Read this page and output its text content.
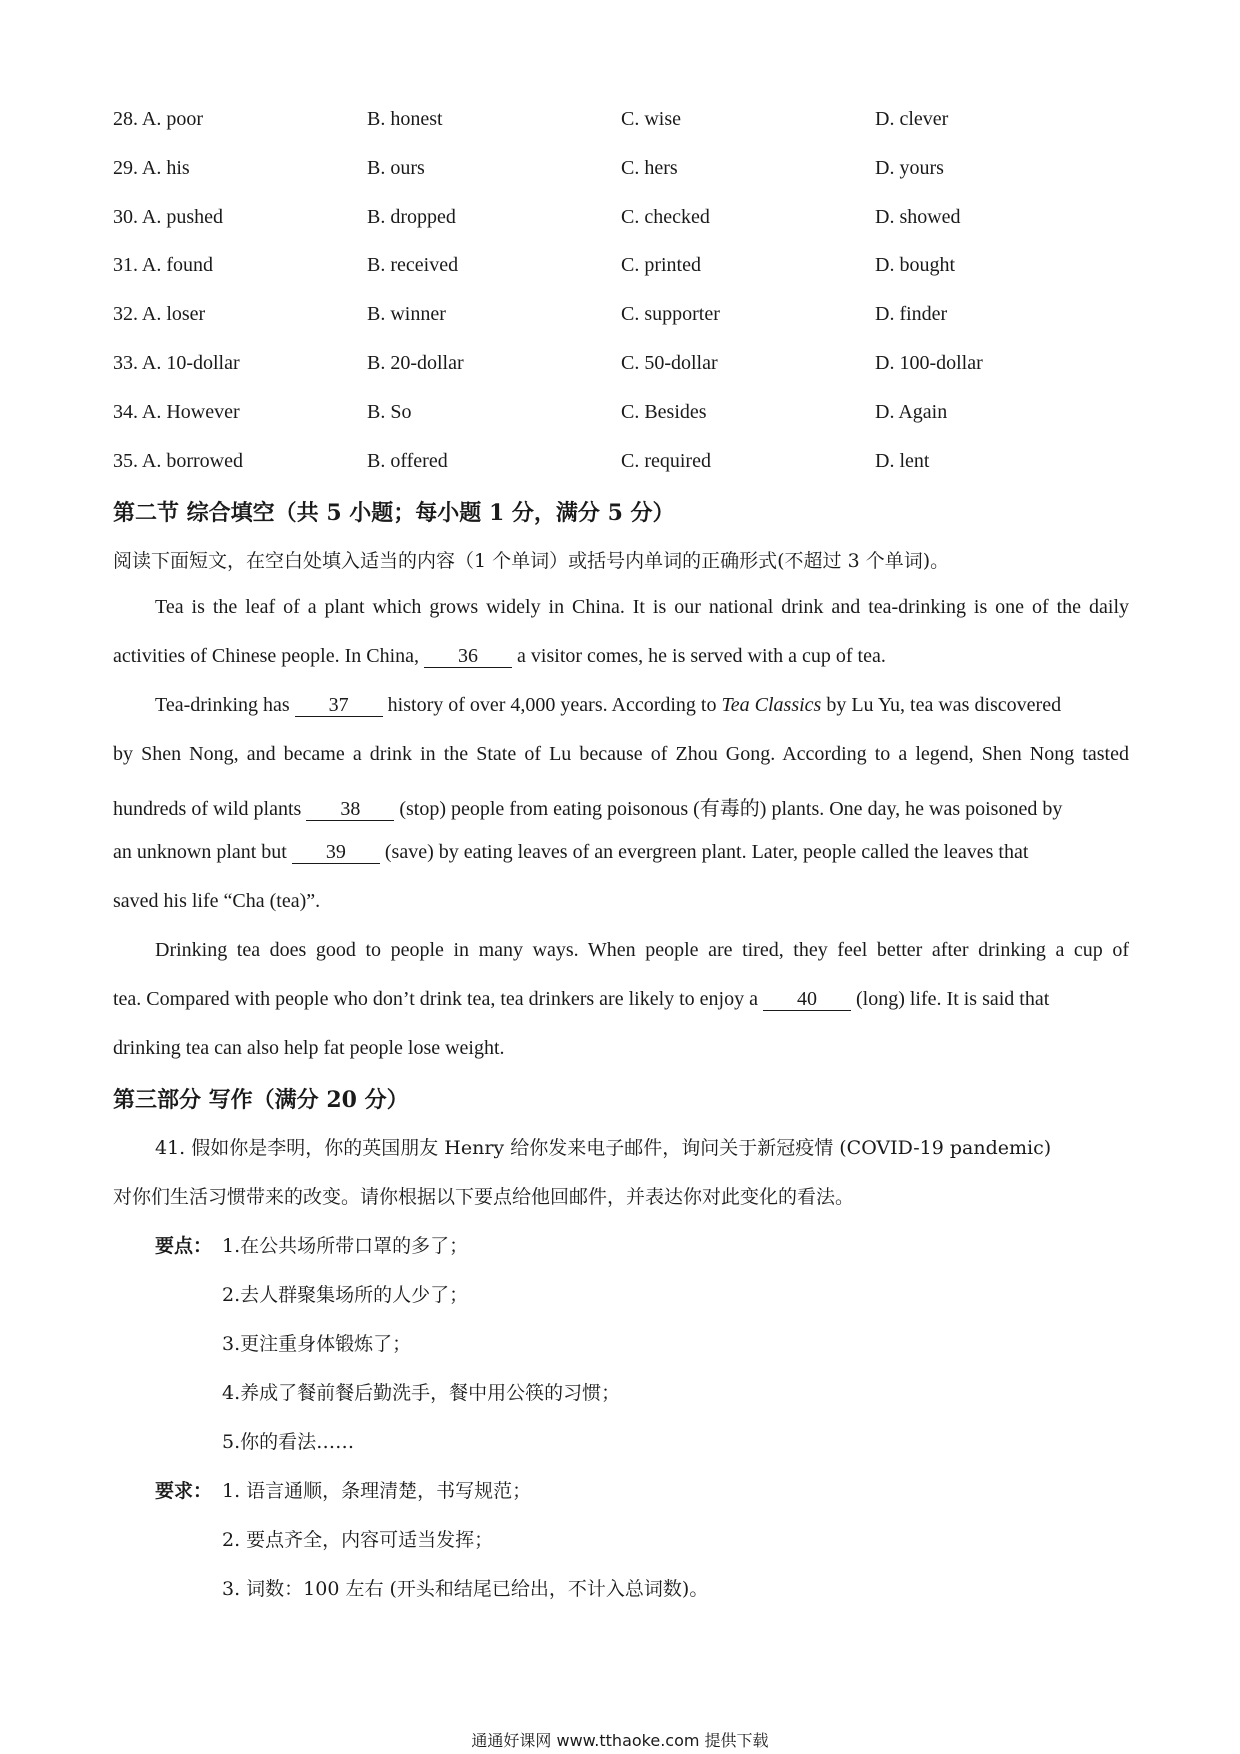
28. A. poor	B. honest	C. wise	D. clever
29. A. his	B. ours	C. hers	D. yours
30. A. pushed	B. dropped	C. checked	D. showed
31. A. found	B. received	C. printed	D. bought
32. A. loser	B. winner	C. supporter	D. finder
33. A. 10-dollar	B. 20-dollar	C. 50-dollar	D. 100-dollar
34. A. However	B. So	C. Besides	D. Again
35. A. borrowed	B. offered	C. required	D. lent
第二节 综合填空（共 5 小题；每小题 1 分，满分 5 分）
阅读下面短文，在空白处填入适当的内容（1 个单词）或括号内单词的正确形式(不超过 3 个单词)。
Tea is the leaf of a plant which grows widely in China. It is our national drink and tea-drinking is one of the daily
activities of Chinese people. In China, 36 a visitor comes, he is served with a cup of tea.
Tea-drinking has 37 history of over 4,000 years. According to Tea Classics by Lu Yu, tea was discovered
by Shen Nong, and became a drink in the State of Lu because of Zhou Gong. According to a legend, Shen Nong tasted
hundreds of wild plants 38 (stop) people from eating poisonous (有毒的) plants. One day, he was poisoned by
an unknown plant but 39 (save) by eating leaves of an evergreen plant. Later, people called the leaves that
saved his life “Cha (tea)”.
Drinking tea does good to people in many ways. When people are tired, they feel better after drinking a cup of
tea. Compared with people who don’t drink tea, tea drinkers are likely to enjoy a 40 (long) life. It is said that
drinking tea can also help fat people lose weight.
第三部分 写作（满分 20 分）
41. 假如你是李明，你的英国朋友 Henry 给你发来电子邮件，询问关于新冠疫情 (COVID-19 pandemic)
对你们生活习惯带来的改变。请你根据以下要点给他回邮件，并表达你对此变化的看法。
要点： 1.在公共场所带口罩的多了；
2.去人群聚集场所的人少了；
3.更注重身体锻炼了；
4.养成了餐前餐后勤洗手，餐中用公筷的习惯；
5.你的看法……
要求： 1. 语言通顺，条理清楚，书写规范；
2. 要点齐全，内容可适当发挥；
3. 词数：100 左右 (开头和结尾已给出，不计入总词数)。
通通好课网 www.tthaoke.com 提供下载
